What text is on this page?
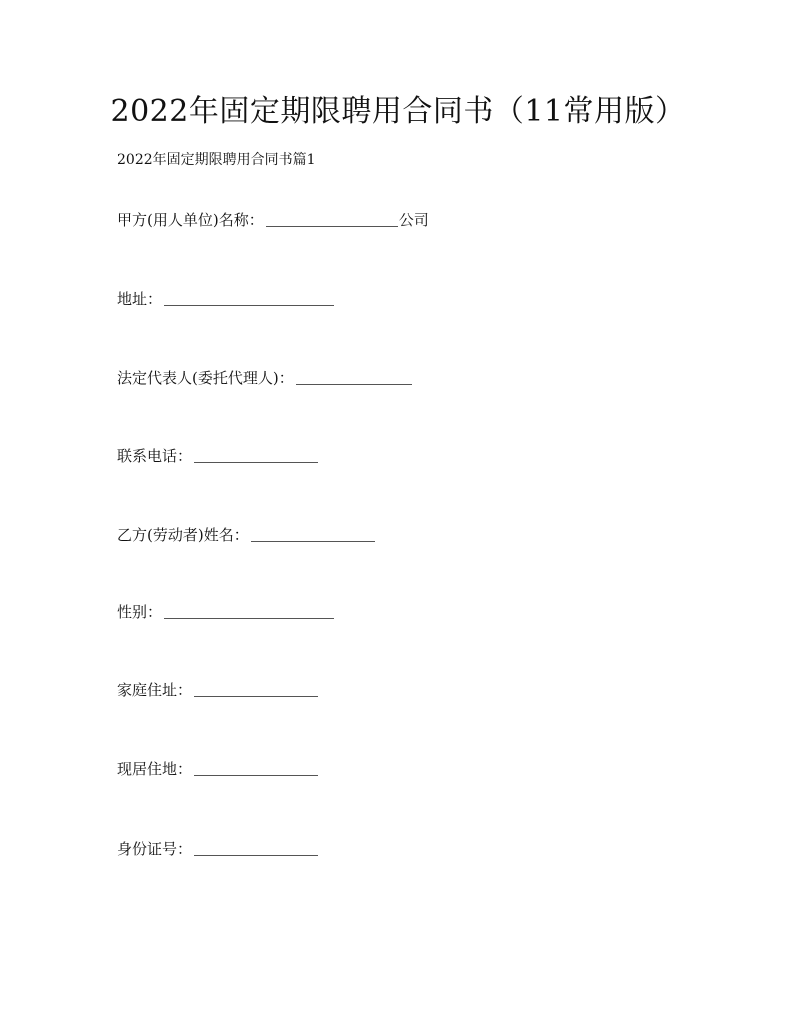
2022年固定期限聘用合同书（11常用版）
2022年固定期限聘用合同书篇1
甲方(用人单位)名称：	公司
地址：
法定代表人(委托代理人)：
联系电话：
乙方(劳动者)姓名：
性别：
家庭住址：
现居住地：
身份证号：
